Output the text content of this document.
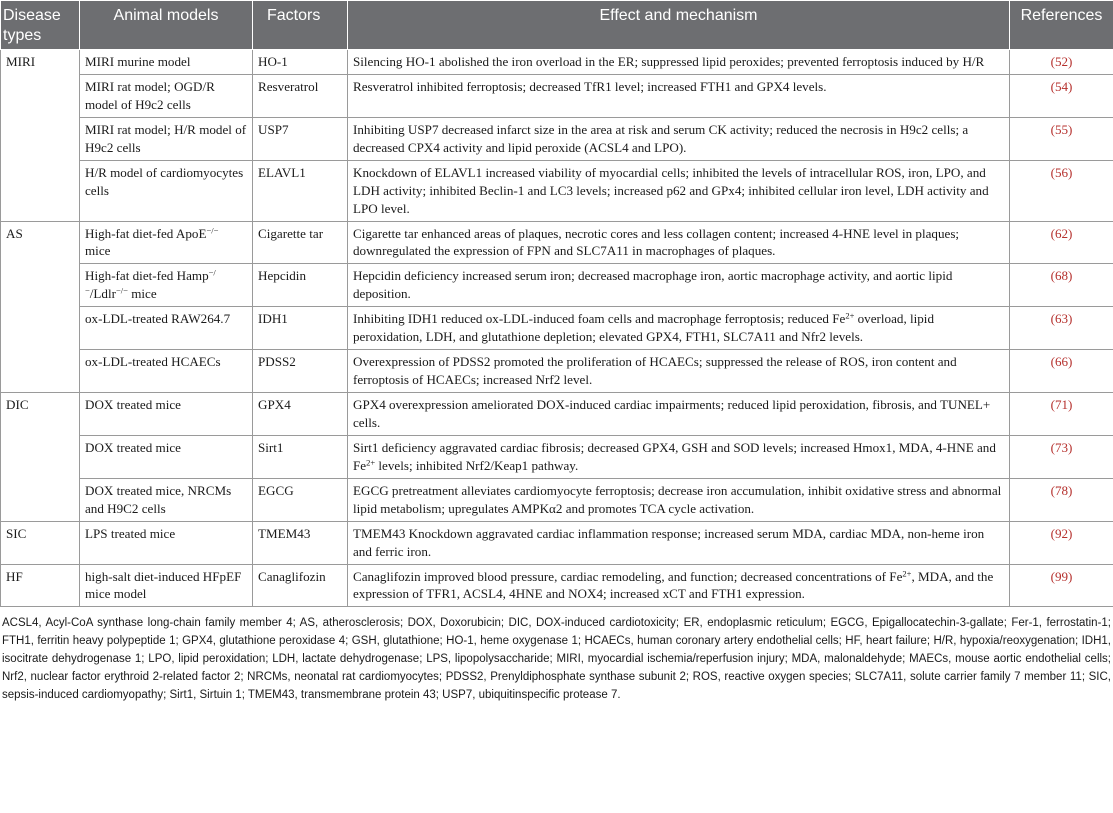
Disease types	Animal models	Factors	Effect and mechanism	References
MIRI	MIRI murine model	HO-1	Silencing HO-1 abolished the iron overload in the ER; suppressed lipid peroxides; prevented ferroptosis induced by H/R	(52)
	MIRI rat model; OGD/R model of H9c2 cells	Resveratrol	Resveratrol inhibited ferroptosis; decreased TfR1 level; increased FTH1 and GPX4 levels.	(54)
	MIRI rat model; H/R model of H9c2 cells	USP7	Inhibiting USP7 decreased infarct size in the area at risk and serum CK activity; reduced the necrosis in H9c2 cells; a decreased CPX4 activity and lipid peroxide (ACSL4 and LPO).	(55)
	H/R model of cardiomyocytes cells	ELAVL1	Knockdown of ELAVL1 increased viability of myocardial cells; inhibited the levels of intracellular ROS, iron, LPO, and LDH activity; inhibited Beclin-1 and LC3 levels; increased p62 and GPx4; inhibited cellular iron level, LDH activity and LPO level.	(56)
AS	High-fat diet-fed ApoE−/− mice	Cigarette tar	Cigarette tar enhanced areas of plaques, necrotic cores and less collagen content; increased 4-HNE level in plaques; downregulated the expression of FPN and SLC7A11 in macrophages of plaques.	(62)
	High-fat diet-fed Hamp−/−/Ldlr−/− mice	Hepcidin	Hepcidin deficiency increased serum iron; decreased macrophage iron, aortic macrophage activity, and aortic lipid deposition.	(68)
	ox-LDL-treated RAW264.7	IDH1	Inhibiting IDH1 reduced ox-LDL-induced foam cells and macrophage ferroptosis; reduced $Fe^{2+}$ overload, lipid peroxidation, LDH, and glutathione depletion; elevated GPX4, FTH1, SLC7A11 and Nfr2 levels.	(63)
	ox-LDL-treated HCAECs	PDSS2	Overexpression of PDSS2 promoted the proliferation of HCAECs; suppressed the release of ROS, iron content and ferroptosis of HCAECs; increased Nrf2 level.	(66)
DIC	DOX treated mice	GPX4	GPX4 overexpression ameliorated DOX-induced cardiac impairments; reduced lipid peroxidation, fibrosis, and TUNEL+ cells.	(71)
	DOX treated mice	Sirt1	Sirt1 deficiency aggravated cardiac fibrosis; decreased GPX4, GSH and SOD levels; increased Hmox1, MDA, 4-HNE and $Fe^{2+}$ levels; inhibited Nrf2/Keap1 pathway.	(73)
	DOX treated mice, NRCMs and H9C2 cells	EGCG	EGCG pretreatment alleviates cardiomyocyte ferroptosis; decrease iron accumulation, inhibit oxidative stress and abnormal lipid metabolism; upregulates AMPKα2 and promotes TCA cycle activation.	(78)
SIC	LPS treated mice	TMEM43	TMEM43 Knockdown aggravated cardiac inflammation response; increased serum MDA, cardiac MDA, non-heme iron and ferric iron.	(92)
HF	high-salt diet-induced HFpEF mice model	Canaglifozin	Canaglifozin improved blood pressure, cardiac remodeling, and function; decreased concentrations of $Fe^{2+}$, MDA, and the expression of TFR1, ACSL4, 4HNE and NOX4; increased xCT and FTH1 expression.	(99)
ACSL4, Acyl-CoA synthase long-chain family member 4; AS, atherosclerosis; DOX, Doxorubicin; DIC, DOX-induced cardiotoxicity; ER, endoplasmic reticulum; EGCG, Epigallocatechin-3-gallate; Fer-1, ferrostatin-1; FTH1, ferritin heavy polypeptide 1; GPX4, glutathione peroxidase 4; GSH, glutathione; HO-1, heme oxygenase 1; HCAECs, human coronary artery endothelial cells; HF, heart failure; H/R, hypoxia/reoxygenation; IDH1, isocitrate dehydrogenase 1; LPO, lipid peroxidation; LDH, lactate dehydrogenase; LPS, lipopolysaccharide; MIRI, myocardial ischemia/reperfusion injury; MDA, malonaldehyde; MAECs, mouse aortic endothelial cells; Nrf2, nuclear factor erythroid 2-related factor 2; NRCMs, neonatal rat cardiomyocytes; PDSS2, Prenyldiphosphate synthase subunit 2; ROS, reactive oxygen species; SLC7A11, solute carrier family 7 member 11; SIC, sepsis-induced cardiomyopathy; Sirt1, Sirtuin 1; TMEM43, transmembrane protein 43; USP7, ubiquitinspecific protease 7.
